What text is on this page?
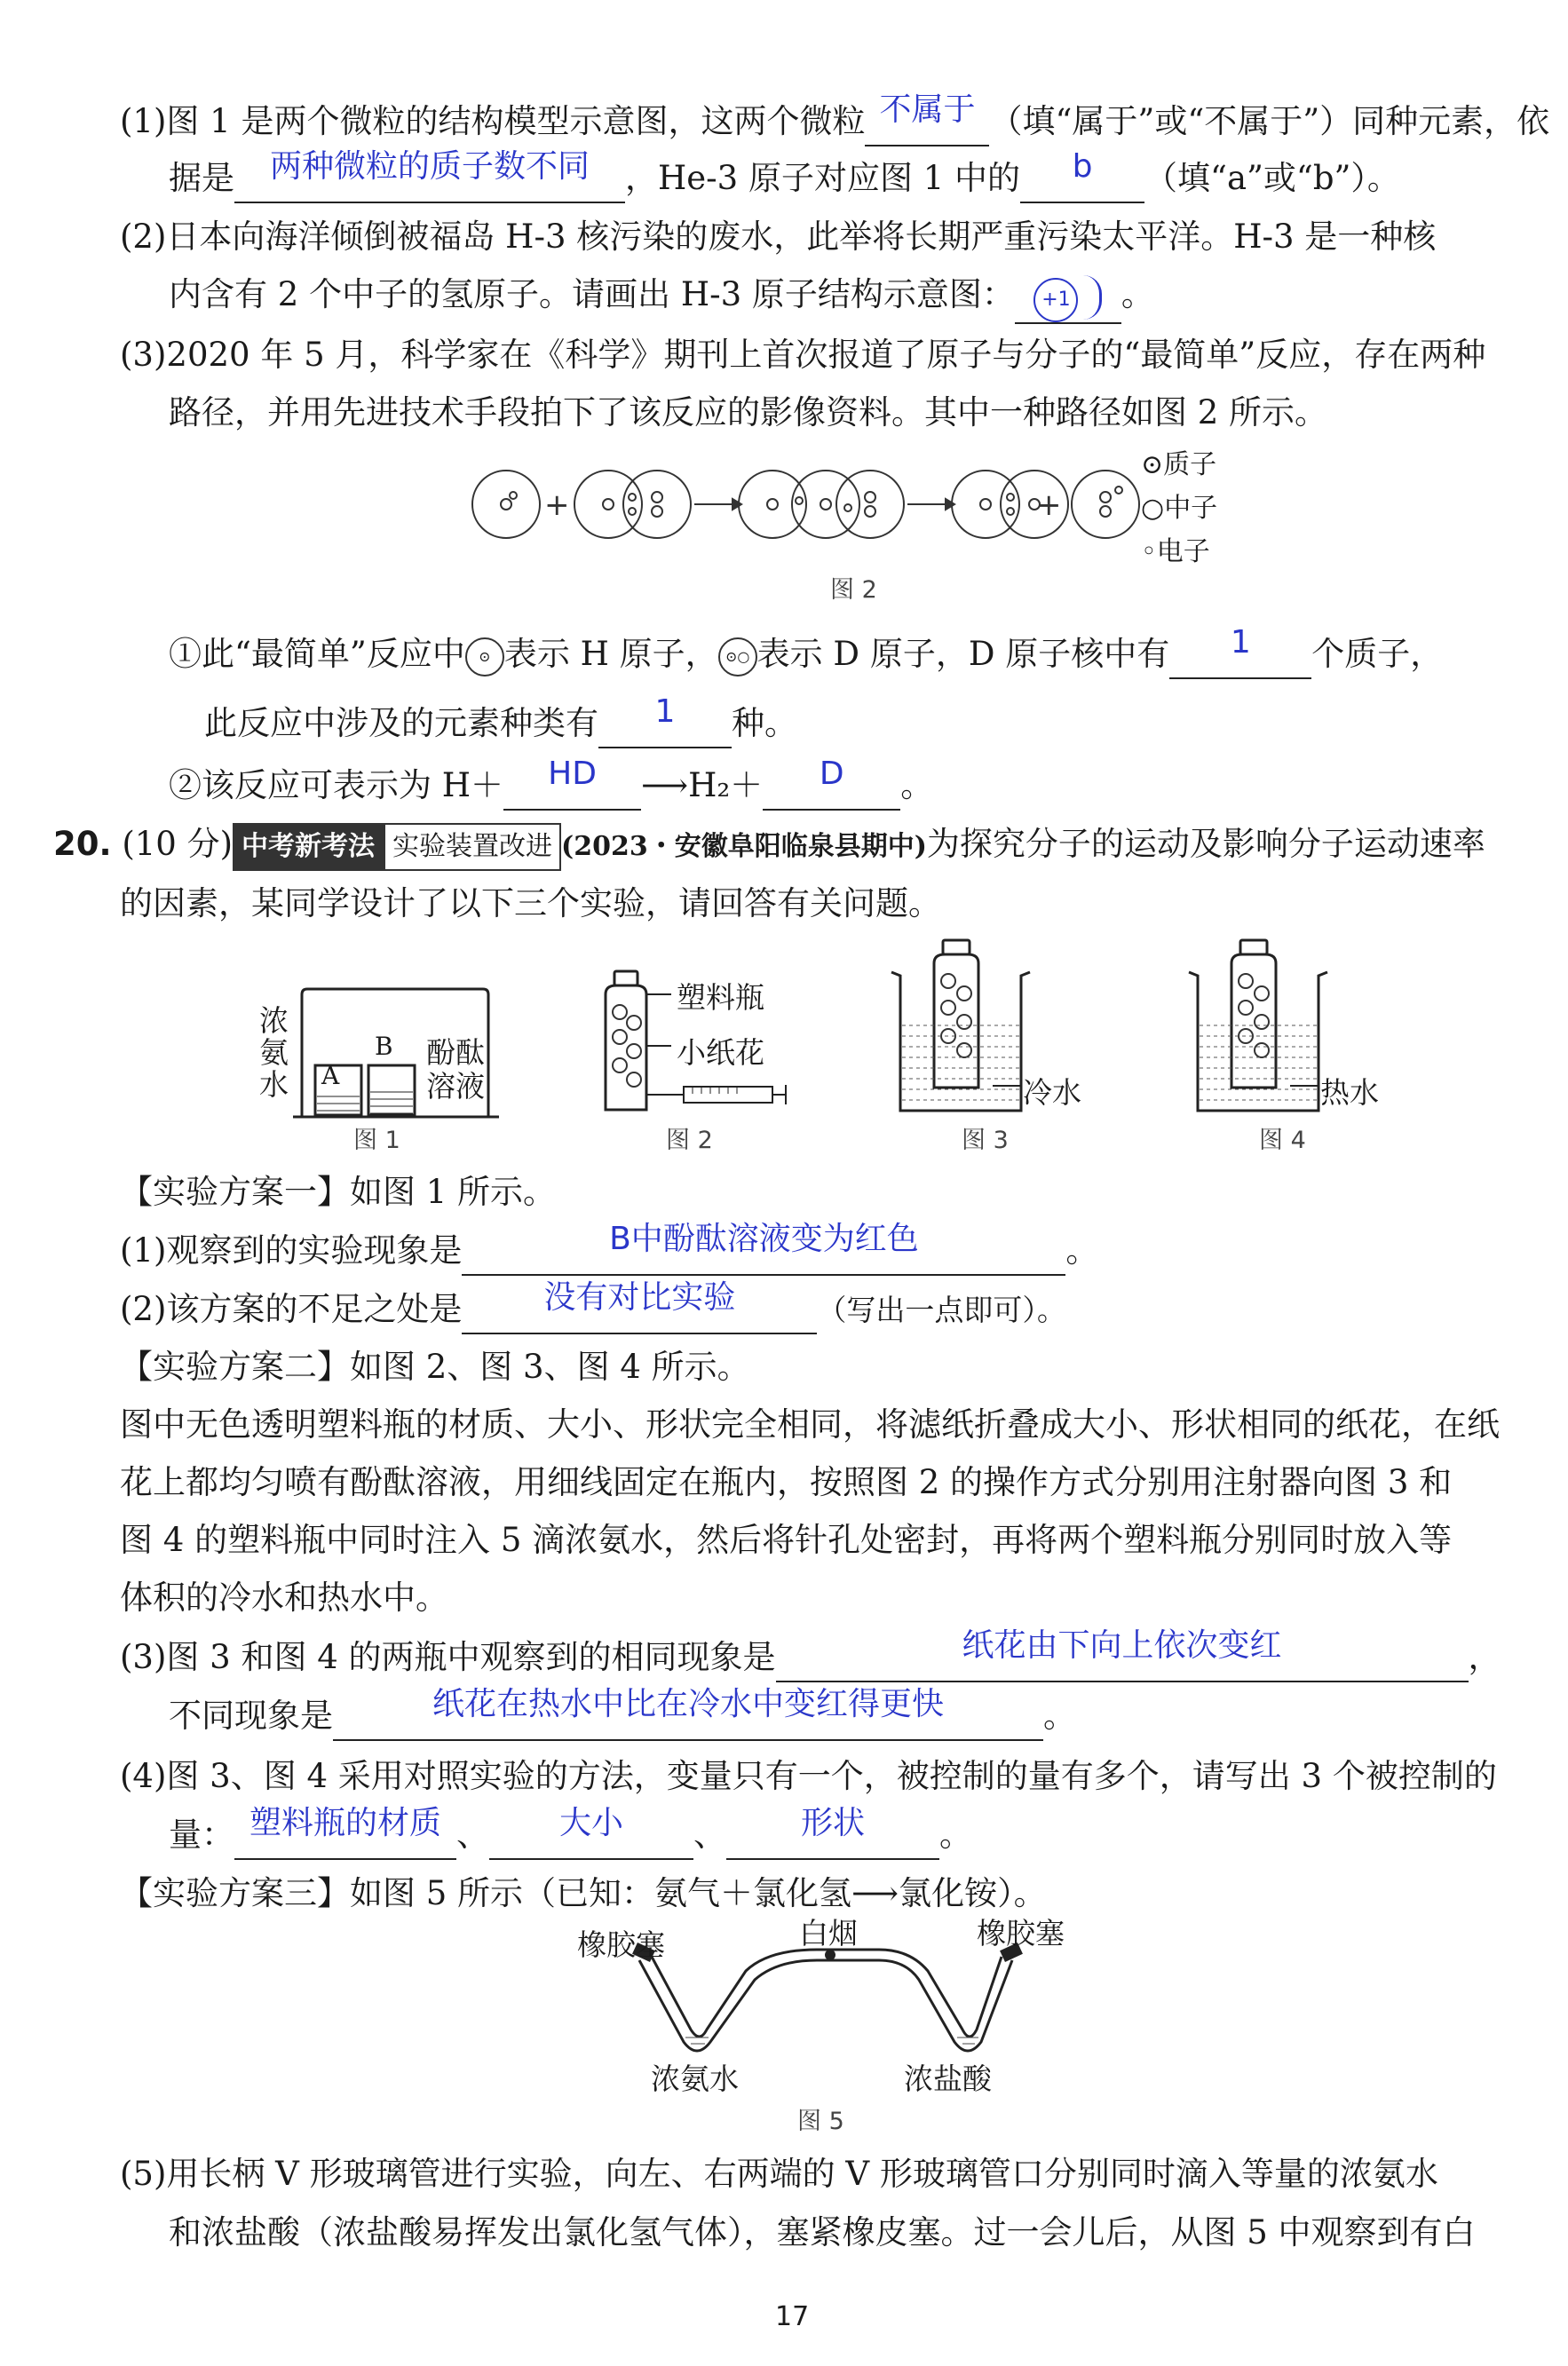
(1)图 1 是两个微粒的结构模型示意图，这两个微粒 不属于 （填“属于”或“不属于”）同种元素，依
据是 两种微粒的质子数不同 ，He-3 原子对应图 1 中的 b （填“a”或“b”）。
(2)日本向海洋倾倒被福岛 H-3 核污染的废水，此举将长期严重污染太平洋。H-3 是一种核
内含有 2 个中子的氢原子。请画出 H-3 原子结构示意图： +1 。
(3)2020 年 5 月，科学家在《科学》期刊上首次报道了原子与分子的“最简单”反应，存在两种
路径，并用先进技术手段拍下了该反应的影像资料。其中一种路径如图 2 所示。
+	+
⊙质子
○中子
◦电子
图 2
①此“最简单”反应中 ⊙ 表示 H 原子， ⊙○ 表示 D 原子，D 原子核中有 1 个质子，
此反应中涉及的元素种类有 1 种。
②该反应可表示为 H＋ HD ⟶H₂＋ D 。
20. (10 分) 中考新考法 实验装置改进 (2023・安徽阜阳临泉县期中)为探究分子的运动及影响分子运动速率
的因素，某同学设计了以下三个实验，请回答有关问题。
浓
氨
水 A
B 酚酞
溶液
图 1
塑料瓶
小纸花
图 2
冷水
图 3
热水
图 4
【实验方案一】如图 1 所示。
(1)观察到的实验现象是	B中酚酞溶液变为红色	。
(2)该方案的不足之处是	没有对比实验	（写出一点即可）。
【实验方案二】如图 2、图 3、图 4 所示。
图中无色透明塑料瓶的材质、大小、形状完全相同，将滤纸折叠成大小、形状相同的纸花，在纸
花上都均匀喷有酚酞溶液，用细线固定在瓶内，按照图 2 的操作方式分别用注射器向图 3 和
图 4 的塑料瓶中同时注入 5 滴浓氨水，然后将针孔处密封，再将两个塑料瓶分别同时放入等
体积的冷水和热水中。
(3)图 3 和图 4 的两瓶中观察到的相同现象是	纸花由下向上依次变红	，
不同现象是	纸花在热水中比在冷水中变红得更快	。
(4)图 3、图 4 采用对照实验的方法，变量只有一个，被控制的量有多个，请写出 3 个被控制的
量： 塑料瓶的材质 、 大小 、 形状 。
【实验方案三】如图 5 所示（已知：氨气＋氯化氢⟶氯化铵）。
橡胶塞	白烟	橡胶塞
浓氨水	浓盐酸
图 5
(5)用长柄 V 形玻璃管进行实验，向左、右两端的 V 形玻璃管口分别同时滴入等量的浓氨水
和浓盐酸（浓盐酸易挥发出氯化氢气体），塞紧橡皮塞。过一会儿后，从图 5 中观察到有白
17
